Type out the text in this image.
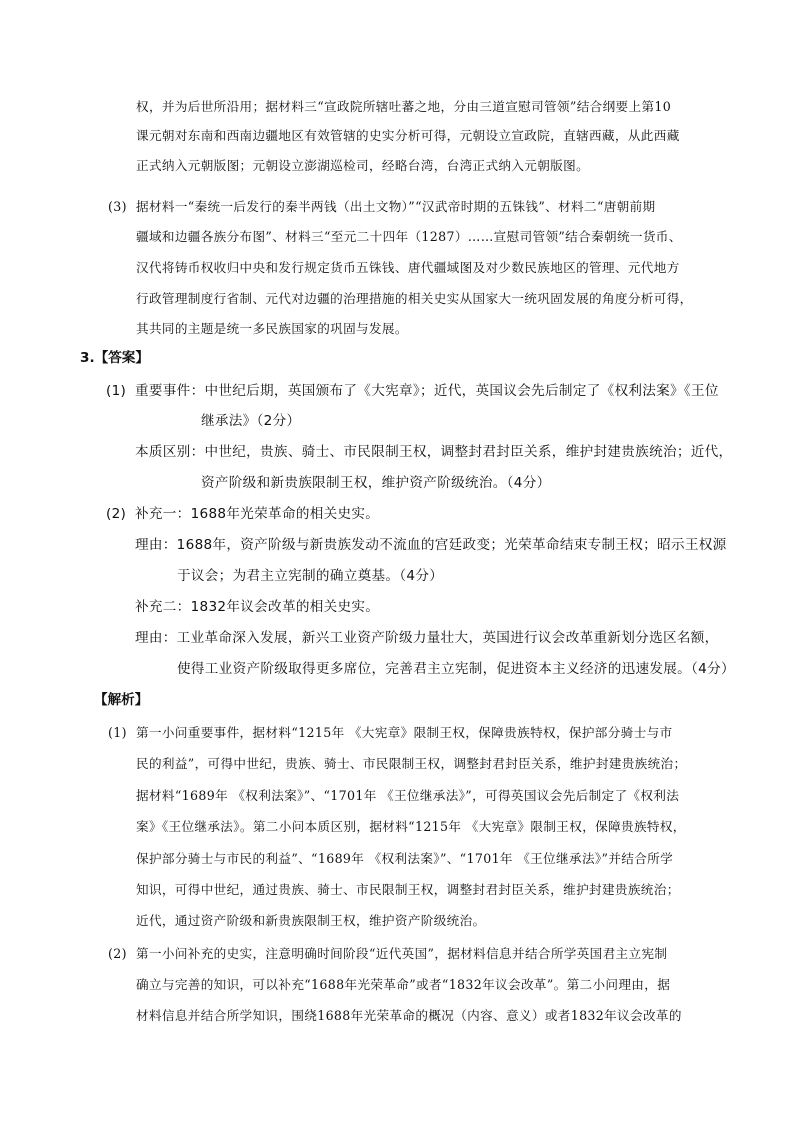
权，并为后世所沿用；据材料三“宣政院所辖吐蕃之地，分由三道宣慰司管领”结合纲要上第10
课元朝对东南和西南边疆地区有效管辖的史实分析可得，元朝设立宣政院，直辖西藏，从此西藏
正式纳入元朝版图；元朝设立澎湖巡检司，经略台湾，台湾正式纳入元朝版图。
(3) 据材料一“秦统一后发行的秦半两钱（出土文物）”“汉武帝时期的五铢钱”、材料二“唐朝前期
疆域和边疆各族分布图”、材料三“至元二十四年（1287）……宣慰司管领”结合秦朝统一货币、
汉代将铸币权收归中央和发行规定货币五铢钱、唐代疆域图及对少数民族地区的管理、元代地方
行政管理制度行省制、元代对边疆的治理措施的相关史实从国家大一统巩固发展的角度分析可得，
其共同的主题是统一多民族国家的巩固与发展。
3.【答案】
(1) 重要事件：中世纪后期，英国颁布了《大宪章》；近代，英国议会先后制定了《权利法案》《王位
继承法》（2分）
本质区别：中世纪，贵族、骑士、市民限制王权，调整封君封臣关系，维护封建贵族统治；近代，
资产阶级和新贵族限制王权，维护资产阶级统治。（4分）
(2) 补充一：1688年光荣革命的相关史实。
理由：1688年，资产阶级与新贵族发动不流血的宫廷政变；光荣革命结束专制王权；昭示王权源
于议会；为君主立宪制的确立奠基。（4分）
补充二：1832年议会改革的相关史实。
理由：工业革命深入发展，新兴工业资产阶级力量壮大，英国进行议会改革重新划分选区名额，
使得工业资产阶级取得更多席位，完善君主立宪制，促进资本主义经济的迅速发展。（4分）
【解析】
(1) 第一小问重要事件，据材料“1215年 《大宪章》限制王权，保障贵族特权，保护部分骑士与市
民的利益”，可得中世纪，贵族、骑士、市民限制王权，调整封君封臣关系，维护封建贵族统治；
据材料“1689年 《权利法案》”、“1701年 《王位继承法》”，可得英国议会先后制定了《权利法
案》《王位继承法》。第二小问本质区别，据材料“1215年 《大宪章》限制王权，保障贵族特权，
保护部分骑士与市民的利益”、“1689年 《权利法案》”、“1701年 《王位继承法》”并结合所学
知识，可得中世纪，通过贵族、骑士、市民限制王权，调整封君封臣关系，维护封建贵族统治；
近代，通过资产阶级和新贵族限制王权，维护资产阶级统治。
(2) 第一小问补充的史实，注意明确时间阶段“近代英国”，据材料信息并结合所学英国君主立宪制
确立与完善的知识，可以补充“1688年光荣革命”或者“1832年议会改革”。第二小问理由，据
材料信息并结合所学知识，围绕1688年光荣革命的概况（内容、意义）或者1832年议会改革的
